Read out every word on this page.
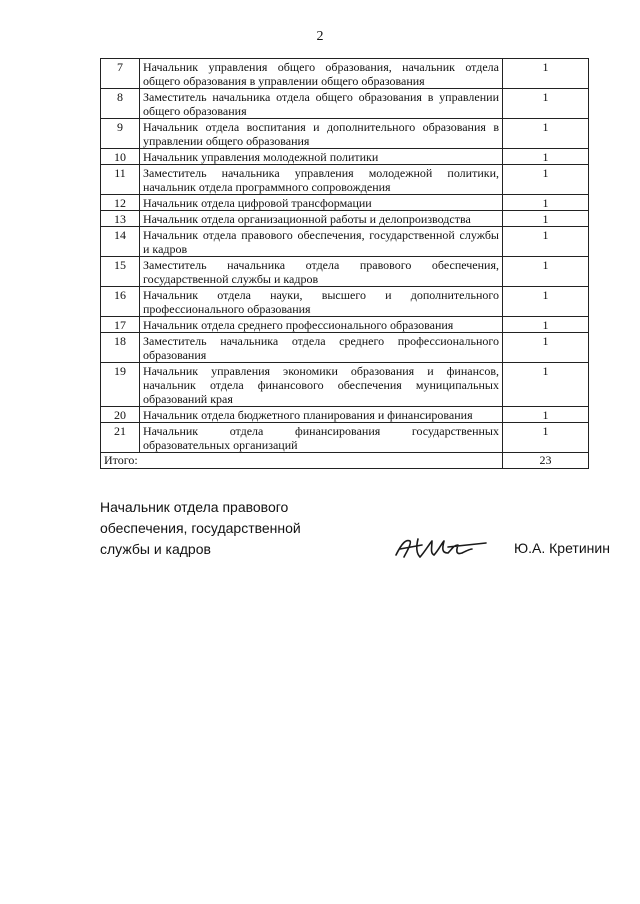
2
7	Начальник управления общего образования, начальник отдела общего образования в управлении общего образования	1
8	Заместитель начальника отдела общего образования в управлении общего образования	1
9	Начальник отдела воспитания и дополнительного образования в управлении общего образования	1
10	Начальник управления молодежной политики	1
11	Заместитель начальника управления молодежной политики, начальник отдела программного сопровождения	1
12	Начальник отдела цифровой трансформации	1
13	Начальник отдела организационной работы и делопроизводства	1
14	Начальник отдела правового обеспечения, государственной службы и кадров	1
15	Заместитель начальника отдела правового обеспечения, государственной службы и кадров	1
16	Начальник отдела науки, высшего и дополнительного профессионального образования	1
17	Начальник отдела среднего профессионального образования	1
18	Заместитель начальника отдела среднего профессионального образования	1
19	Начальник управления экономики образования и финансов, начальник отдела финансового обеспечения муниципальных образований края	1
20	Начальник отдела бюджетного планирования и финансирования	1
21	Начальник отдела финансирования государственных образовательных организаций	1
Итого:		23
Начальник отдела правового
обеспечения, государственной
службы и кадров	Ю.А. Кретинин
